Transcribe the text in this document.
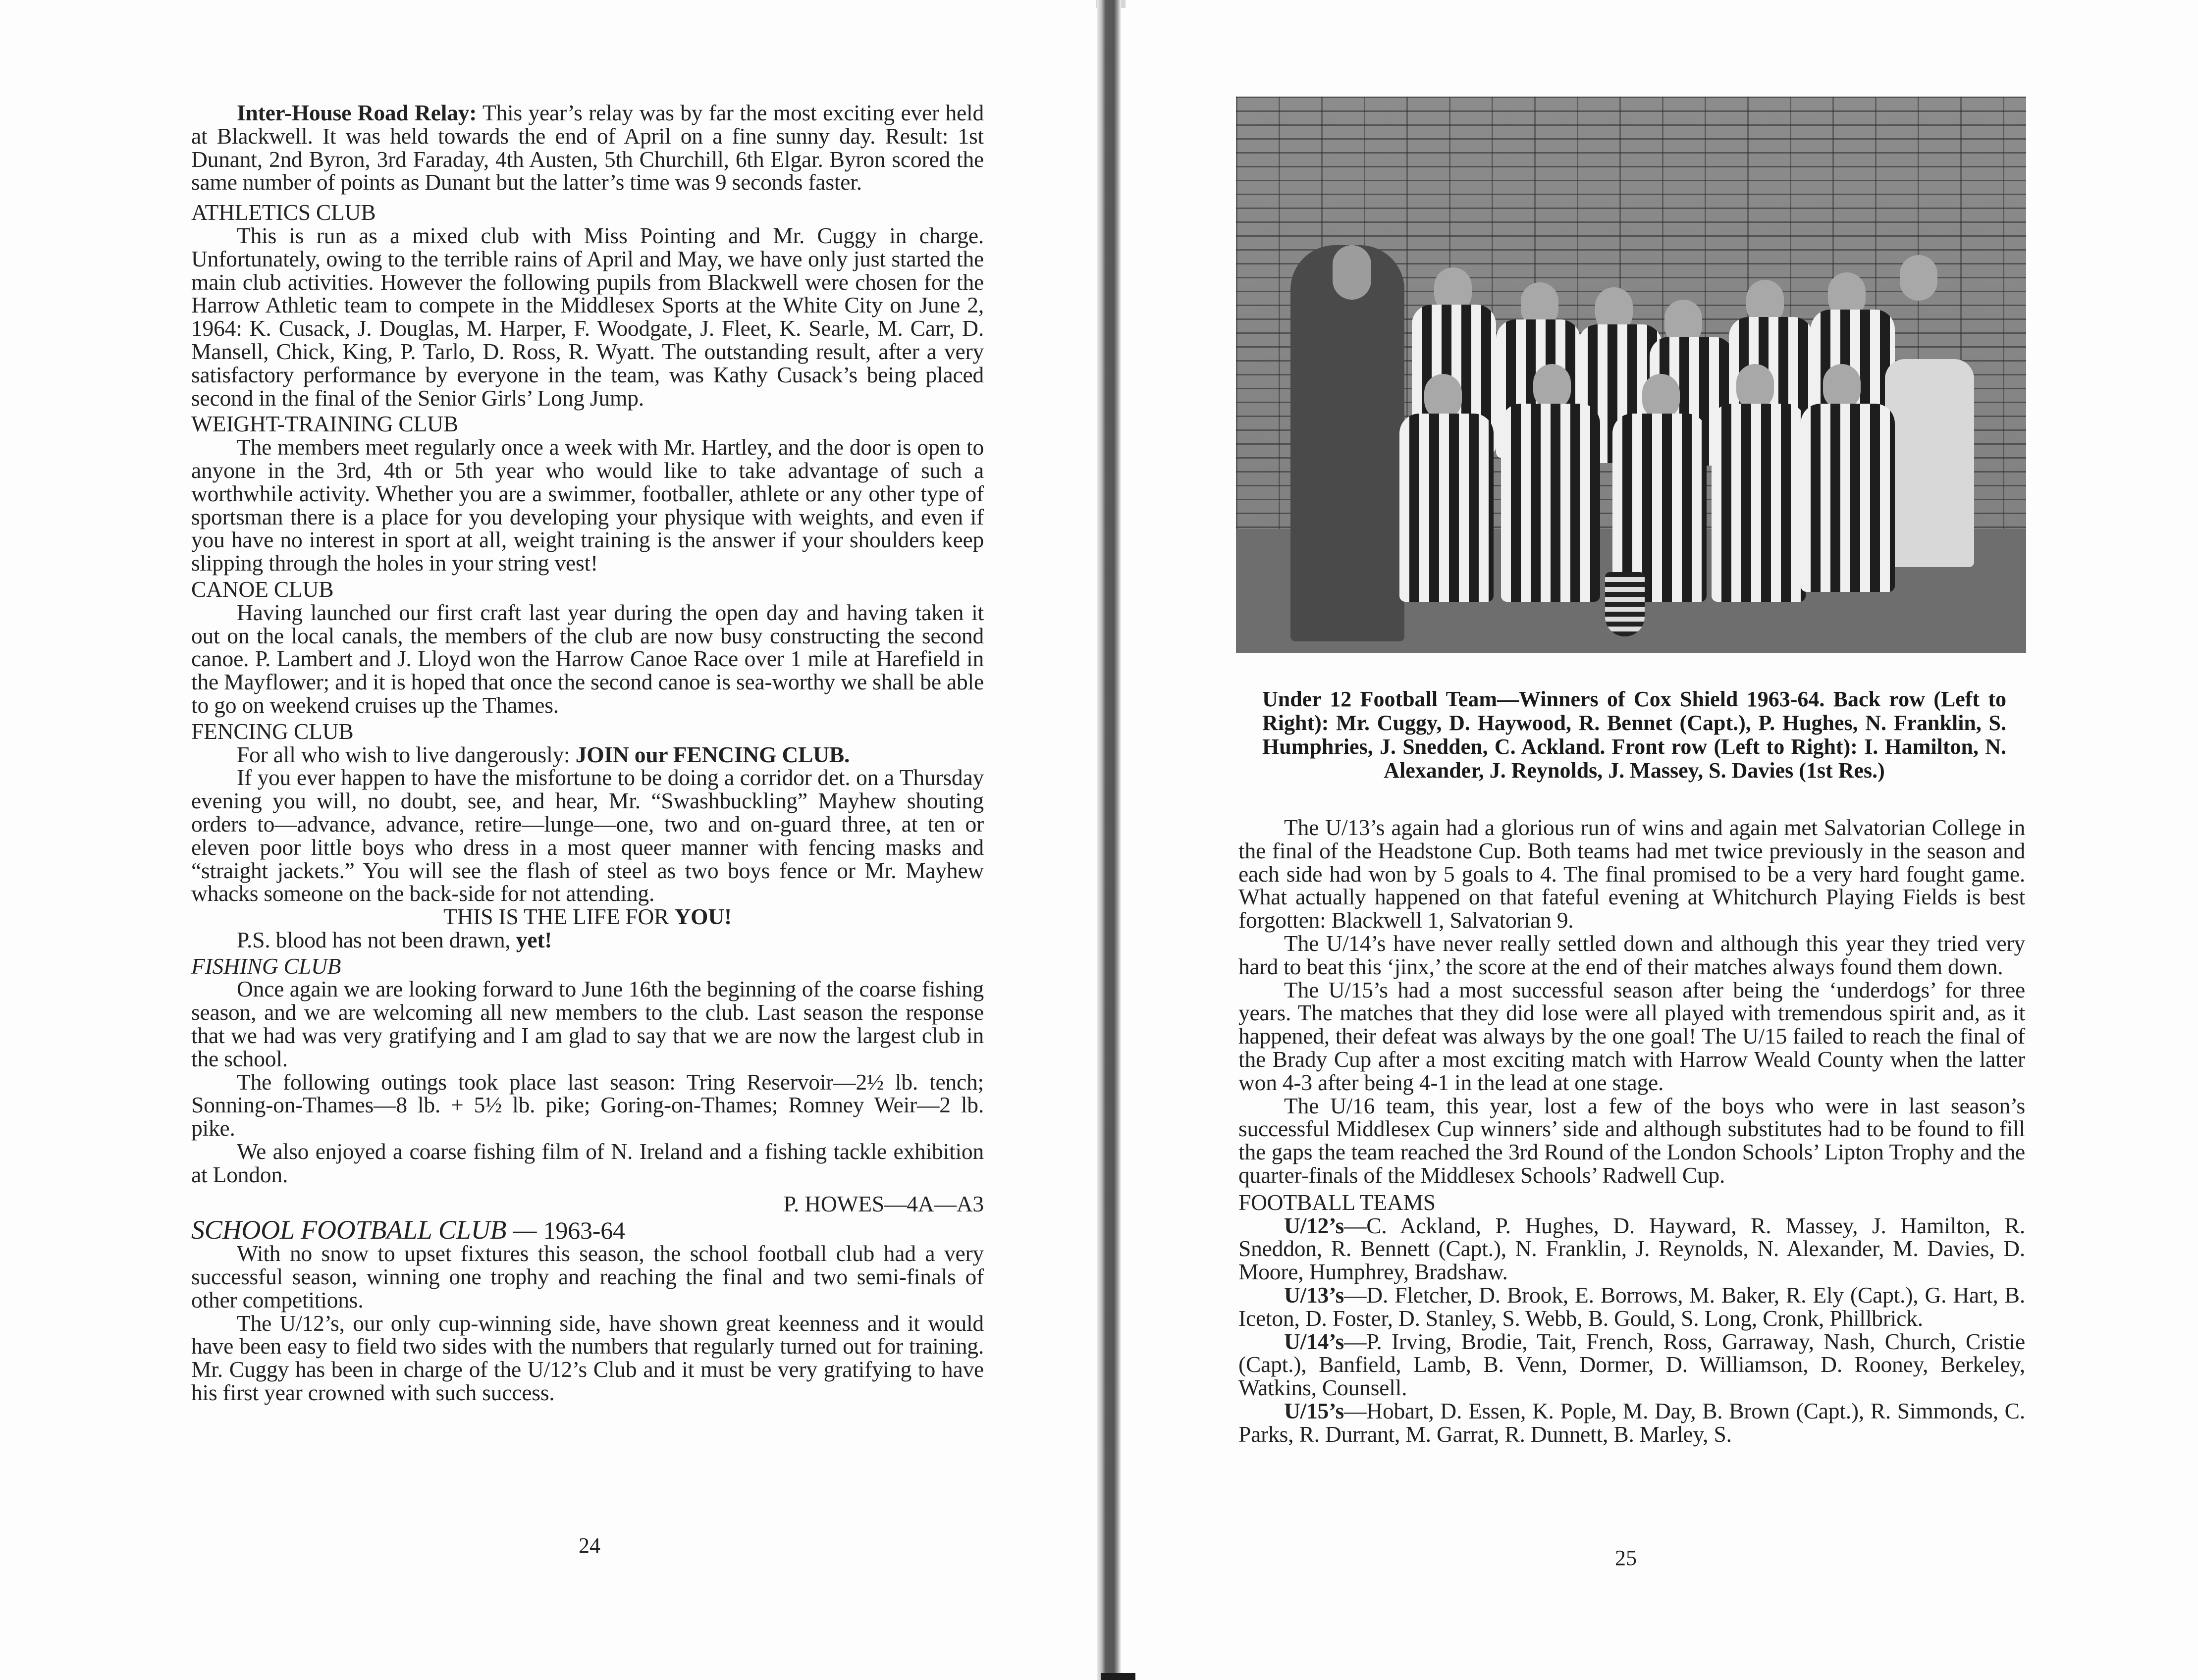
Inter-House Road Relay: This year’s relay was by far the most exciting ever held at Blackwell. It was held towards the end of April on a fine sunny day. Result: 1st Dunant, 2nd Byron, 3rd Faraday, 4th Austen, 5th Churchill, 6th Elgar. Byron scored the same number of points as Dunant but the latter’s time was 9 seconds faster.

ATHLETICS CLUB

This is run as a mixed club with Miss Pointing and Mr. Cuggy in charge. Unfortunately, owing to the terrible rains of April and May, we have only just started the main club activities. However the following pupils from Blackwell were chosen for the Harrow Athletic team to compete in the Middlesex Sports at the White City on June 2, 1964: K. Cusack, J. Douglas, M. Harper, F. Woodgate, J. Fleet, K. Searle, M. Carr, D. Mansell, Chick, King, P. Tarlo, D. Ross, R. Wyatt. The outstanding result, after a very satisfactory performance by everyone in the team, was Kathy Cusack’s being placed second in the final of the Senior Girls’ Long Jump.

WEIGHT-TRAINING CLUB

The members meet regularly once a week with Mr. Hartley, and the door is open to anyone in the 3rd, 4th or 5th year who would like to take advantage of such a worthwhile activity. Whether you are a swimmer, footballer, athlete or any other type of sportsman there is a place for you developing your physique with weights, and even if you have no interest in sport at all, weight training is the answer if your shoulders keep slipping through the holes in your string vest!

CANOE CLUB

Having launched our first craft last year during the open day and having taken it out on the local canals, the members of the club are now busy constructing the second canoe. P. Lambert and J. Lloyd won the Harrow Canoe Race over 1 mile at Harefield in the Mayflower; and it is hoped that once the second canoe is sea-worthy we shall be able to go on weekend cruises up the Thames.

FENCING CLUB

For all who wish to live dangerously: JOIN our FENCING CLUB.

If you ever happen to have the misfortune to be doing a corridor det. on a Thursday evening you will, no doubt, see, and hear, Mr. “Swashbuckling” Mayhew shouting orders to—advance, advance, retire—lunge—one, two and on-guard three, at ten or eleven poor little boys who dress in a most queer manner with fencing masks and “straight jackets.” You will see the flash of steel as two boys fence or Mr. Mayhew whacks someone on the back-side for not attending.

THIS IS THE LIFE FOR YOU!

P.S. blood has not been drawn, yet!

FISHING CLUB

Once again we are looking forward to June 16th the beginning of the coarse fishing season, and we are welcoming all new members to the club. Last season the response that we had was very gratifying and I am glad to say that we are now the largest club in the school.

The following outings took place last season: Tring Reservoir—2½ lb. tench; Sonning-on-Thames—8 lb. + 5½ lb. pike; Goring-on-Thames; Romney Weir—2 lb. pike.

We also enjoyed a coarse fishing film of N. Ireland and a fishing tackle exhibition at London.

P. HOWES—4A—A3

SCHOOL FOOTBALL CLUB — 1963-64

With no snow to upset fixtures this season, the school football club had a very successful season, winning one trophy and reaching the final and two semi-finals of other competitions.

The U/12’s, our only cup-winning side, have shown great keenness and it would have been easy to field two sides with the numbers that regularly turned out for training. Mr. Cuggy has been in charge of the U/12’s Club and it must be very gratifying to have his first year crowned with such success.

24
Under 12 Football Team—Winners of Cox Shield 1963-64. Back row (Left to Right): Mr. Cuggy, D. Haywood, R. Bennet (Capt.), P. Hughes, N. Franklin, S. Humphries, J. Snedden, C. Ackland. Front row (Left to Right): I. Hamilton, N. Alexander, J. Reynolds, J. Massey, S. Davies (1st Res.)

The U/13’s again had a glorious run of wins and again met Salvatorian College in the final of the Headstone Cup. Both teams had met twice previously in the season and each side had won by 5 goals to 4. The final promised to be a very hard fought game. What actually happened on that fateful evening at Whitchurch Playing Fields is best forgotten: Blackwell 1, Salvatorian 9.

The U/14’s have never really settled down and although this year they tried very hard to beat this ‘jinx,’ the score at the end of their matches always found them down.

The U/15’s had a most successful season after being the ‘underdogs’ for three years. The matches that they did lose were all played with tremendous spirit and, as it happened, their defeat was always by the one goal! The U/15 failed to reach the final of the Brady Cup after a most exciting match with Harrow Weald County when the latter won 4-3 after being 4-1 in the lead at one stage.

The U/16 team, this year, lost a few of the boys who were in last season’s successful Middlesex Cup winners’ side and although substitutes had to be found to fill the gaps the team reached the 3rd Round of the London Schools’ Lipton Trophy and the quarter-finals of the Middlesex Schools’ Radwell Cup.

FOOTBALL TEAMS

U/12’s—C. Ackland, P. Hughes, D. Hayward, R. Massey, J. Hamilton, R. Sneddon, R. Bennett (Capt.), N. Franklin, J. Reynolds, N. Alexander, M. Davies, D. Moore, Humphrey, Bradshaw.

U/13’s—D. Fletcher, D. Brook, E. Borrows, M. Baker, R. Ely (Capt.), G. Hart, B. Iceton, D. Foster, D. Stanley, S. Webb, B. Gould, S. Long, Cronk, Phillbrick.

U/14’s—P. Irving, Brodie, Tait, French, Ross, Garraway, Nash, Church, Cristie (Capt.), Banfield, Lamb, B. Venn, Dormer, D. Williamson, D. Rooney, Berkeley, Watkins, Counsell.

U/15’s—Hobart, D. Essen, K. Pople, M. Day, B. Brown (Capt.), R. Simmonds, C. Parks, R. Durrant, M. Garrat, R. Dunnett, B. Marley, S.

25
